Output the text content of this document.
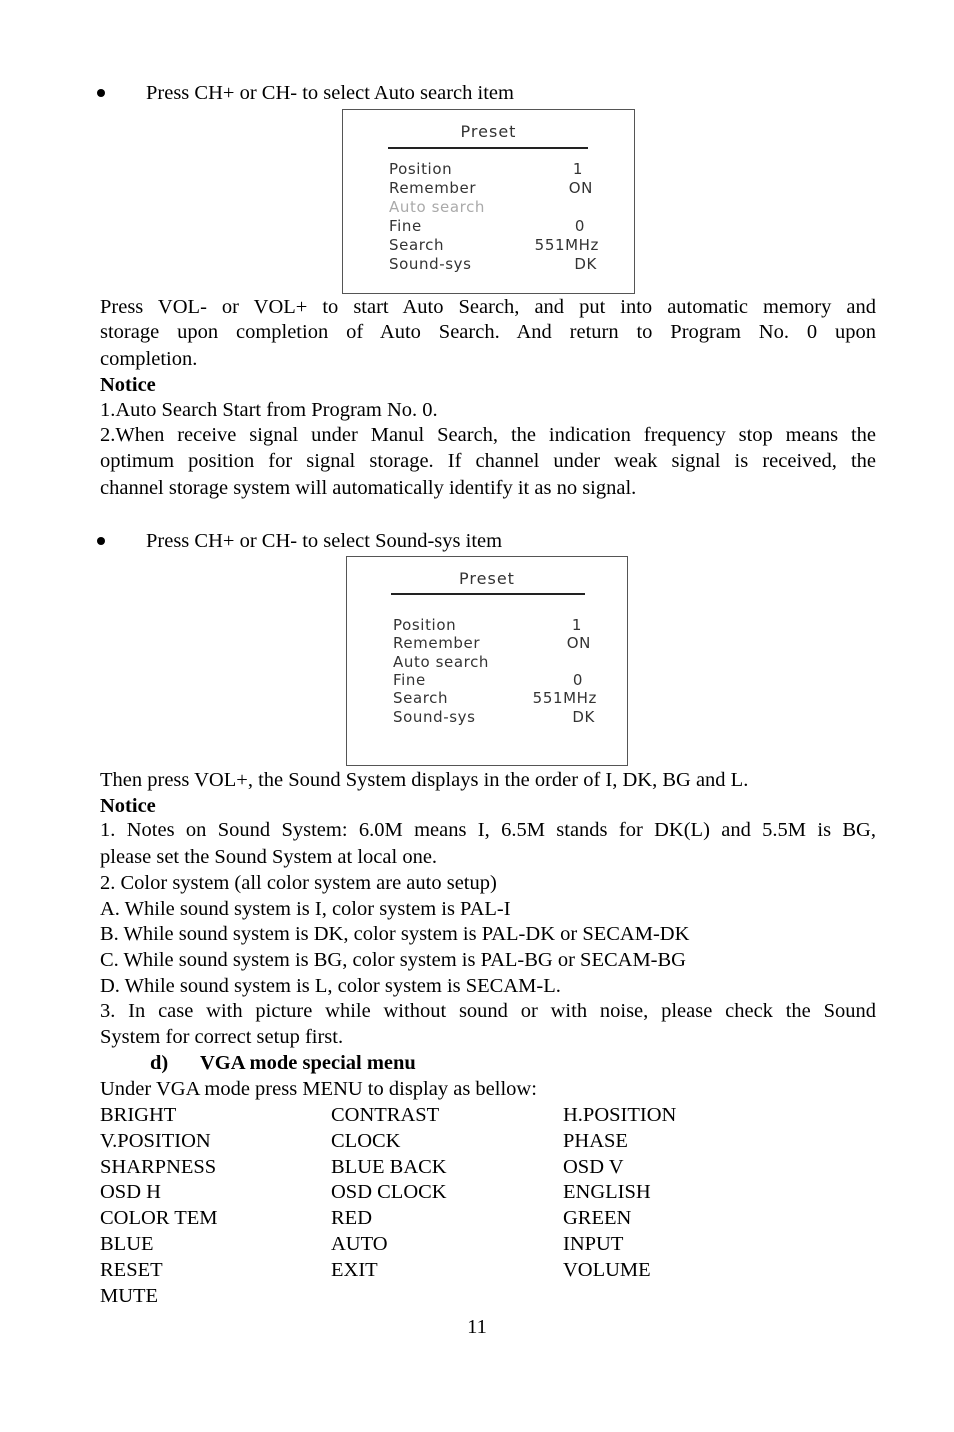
Press CH+ or CH- to select Auto search item
Preset
Position	1
Remember	ON
Auto search
Fine	0
Search	551MHz
Sound-sys	DK
Press VOL- or VOL+ to start Auto Search, and put into automatic memory and
storage upon completion of Auto Search. And return to Program No. 0 upon
completion.
Notice
1.Auto Search Start from Program No. 0.
2.When receive signal under Manul Search, the indication frequency stop means the
optimum position for signal storage. If channel under weak signal is received, the
channel storage system will automatically identify it as no signal.
Press CH+ or CH- to select Sound-sys item
Preset
Position	1
Remember	ON
Auto search
Fine	0
Search	551MHz
Sound-sys	DK
Then press VOL+, the Sound System displays in the order of I, DK, BG and L.
Notice
1. Notes on Sound System: 6.0M means I, 6.5M stands for DK(L) and 5.5M is BG,
please set the Sound System at local one.
2. Color system (all color system are auto setup)
A. While sound system is I, color system is PAL-I
B. While sound system is DK, color system is PAL-DK or SECAM-DK
C. While sound system is BG, color system is PAL-BG or SECAM-BG
D. While sound system is L, color system is SECAM-L.
3. In case with picture while without sound or with noise, please check the Sound
System for correct setup first.
d) VGA mode special menu
Under VGA mode press MENU to display as bellow:
BRIGHT	CONTRAST	H.POSITION
V.POSITION	CLOCK	PHASE
SHARPNESS	BLUE BACK	OSD V
OSD H	OSD CLOCK	ENGLISH
COLOR TEM	RED	GREEN
BLUE	AUTO	INPUT
RESET	EXIT	VOLUME
MUTE
11
